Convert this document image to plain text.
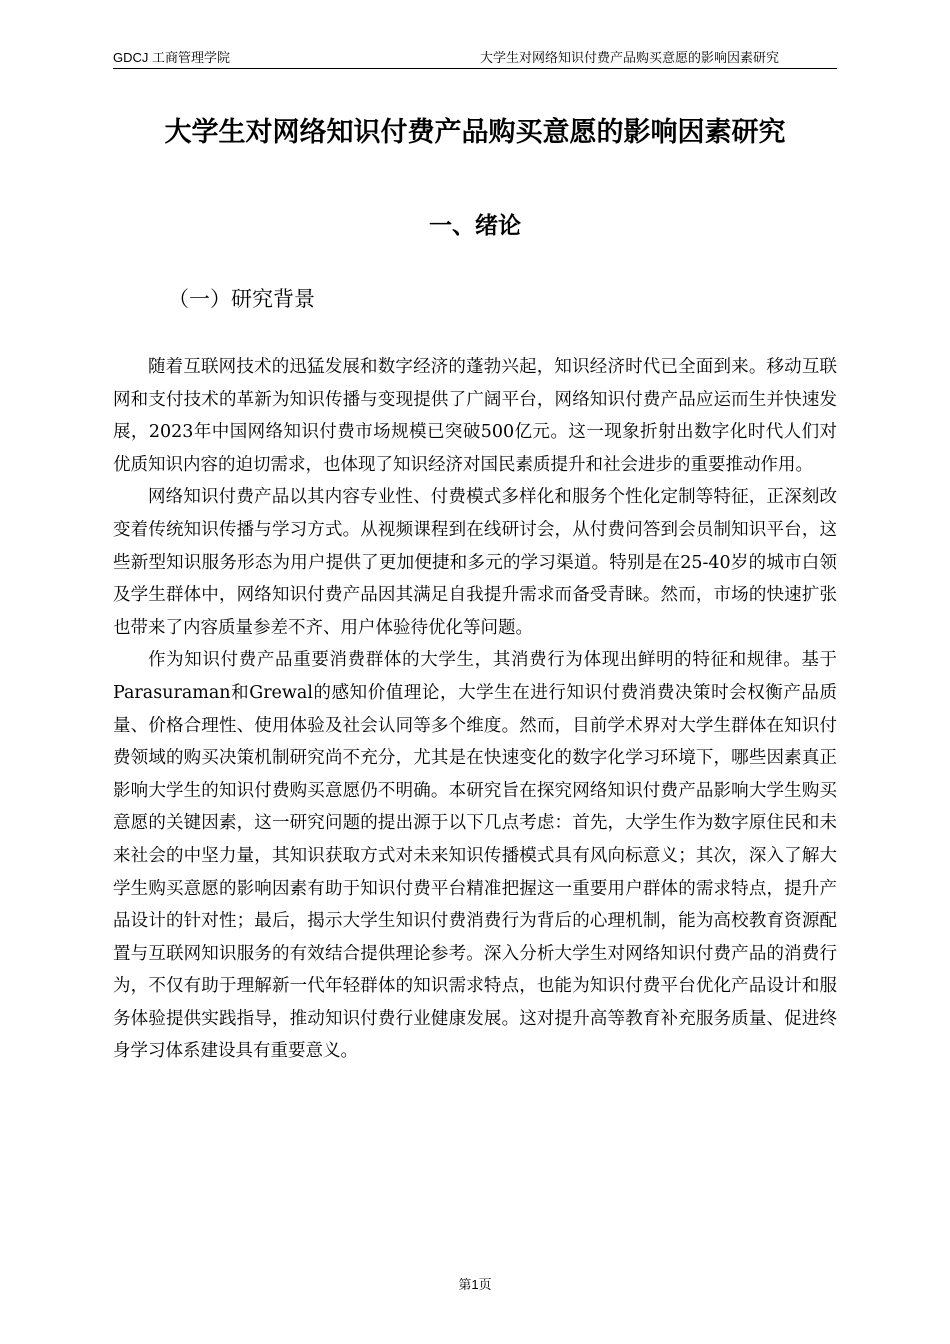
GDCJ 工商管理学院	大学生对网络知识付费产品购买意愿的影响因素研究
大学生对网络知识付费产品购买意愿的影响因素研究
一、绪论
（一）研究背景

随着互联网技术的迅猛发展和数字经济的蓬勃兴起，知识经济时代已全面到来。移动互联网和支付技术的革新为知识传播与变现提供了广阔平台，网络知识付费产品应运而生并快速发展，2023年中国网络知识付费市场规模已突破500亿元。这一现象折射出数字化时代人们对优质知识内容的迫切需求，也体现了知识经济对国民素质提升和社会进步的重要推动作用。

网络知识付费产品以其内容专业性、付费模式多样化和服务个性化定制等特征，正深刻改变着传统知识传播与学习方式。从视频课程到在线研讨会，从付费问答到会员制知识平台，这些新型知识服务形态为用户提供了更加便捷和多元的学习渠道。特别是在25-40岁的城市白领及学生群体中，网络知识付费产品因其满足自我提升需求而备受青睐。然而，市场的快速扩张也带来了内容质量参差不齐、用户体验待优化等问题。

作为知识付费产品重要消费群体的大学生，其消费行为体现出鲜明的特征和规律。基于Parasuraman和Grewal的感知价值理论，大学生在进行知识付费消费决策时会权衡产品质量、价格合理性、使用体验及社会认同等多个维度。然而，目前学术界对大学生群体在知识付费领域的购买决策机制研究尚不充分，尤其是在快速变化的数字化学习环境下，哪些因素真正影响大学生的知识付费购买意愿仍不明确。本研究旨在探究网络知识付费产品影响大学生购买意愿的关键因素，这一研究问题的提出源于以下几点考虑：首先，大学生作为数字原住民和未来社会的中坚力量，其知识获取方式对未来知识传播模式具有风向标意义；其次，深入了解大学生购买意愿的影响因素有助于知识付费平台精准把握这一重要用户群体的需求特点，提升产品设计的针对性；最后，揭示大学生知识付费消费行为背后的心理机制，能为高校教育资源配置与互联网知识服务的有效结合提供理论参考。深入分析大学生对网络知识付费产品的消费行为，不仅有助于理解新一代年轻群体的知识需求特点，也能为知识付费平台优化产品设计和服务体验提供实践指导，推动知识付费行业健康发展。这对提升高等教育补充服务质量、促进终身学习体系建设具有重要意义。

第1页
